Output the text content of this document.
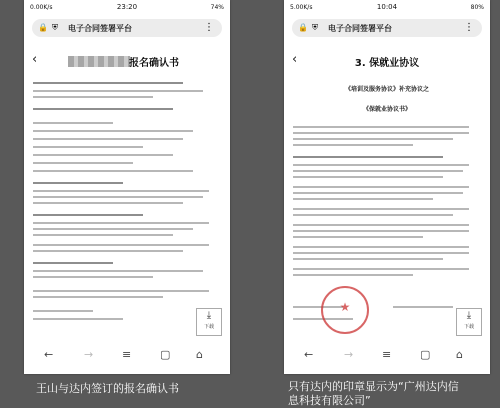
0.00K/s	23:20	74%
🔒 ⛨ 电子合同签署平台	⋮
‹	报名确认书
⤓
下载
←	→	≡	▢ ⌂
5.00K/s	10:04	80%
🔒 ⛨ 电子合同签署平台	⋮
‹	3. 保就业协议
《培训及服务协议》补充协议之
《保就业协议书》
★
⤓
下载
←	→	≡	▢ ⌂
王山与达内签订的报名确认书	只有达内的印章显示为“广州达内信
息科技有限公司”
